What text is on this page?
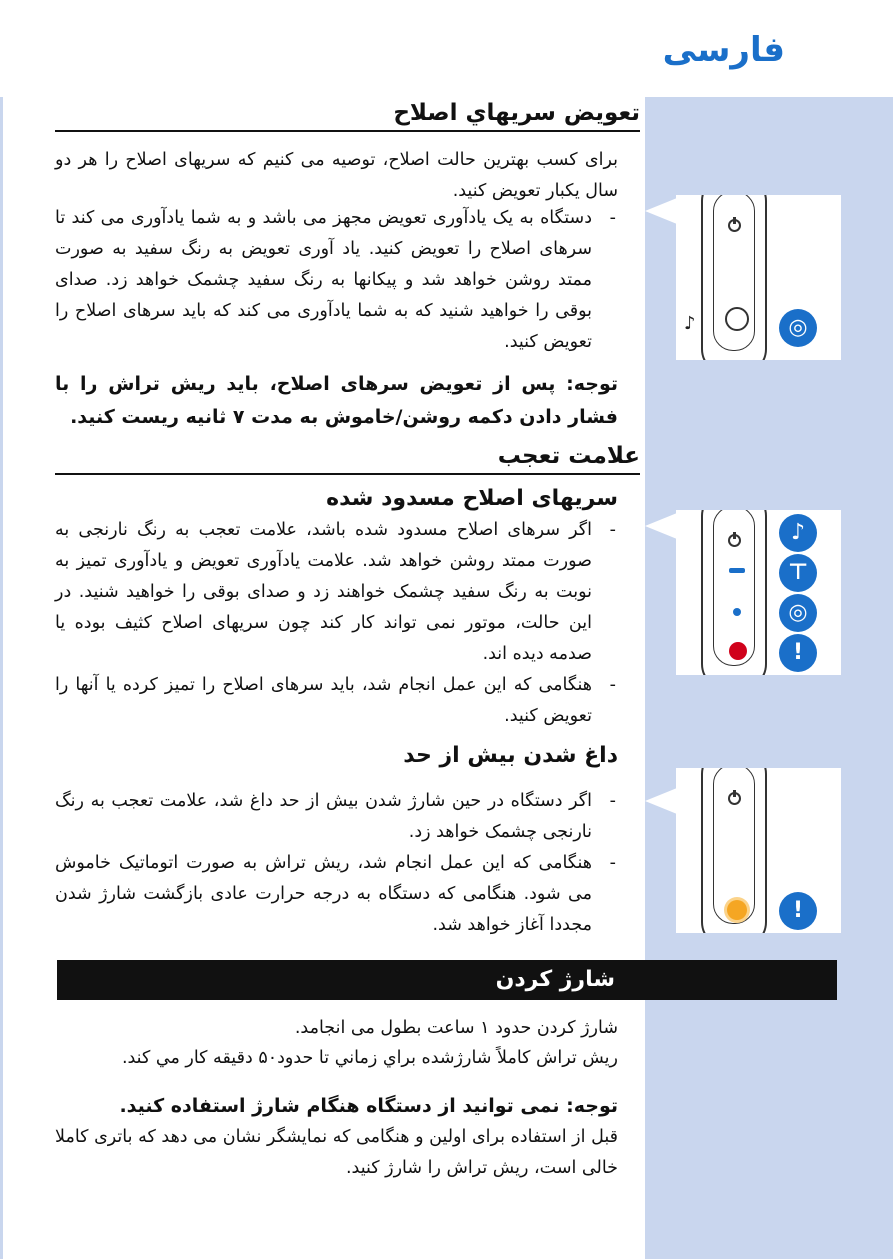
فارسی
تعويض سريهاي اصلاح

برای کسب بهترین حالت اصلاح، توصیه می کنیم که سریهای اصلاح را هر دو سال یکبار تعویض کنید.

- دستگاه به یک یادآوری تعویض مجهز می باشد و به شما یادآوری می کند تا سرهای اصلاح را تعویض کنید. یاد آوری تعویض به رنگ سفید به صورت ممتد روشن خواهد شد و پیکانها به رنگ سفید چشمک خواهد زد. صدای بوقی را خواهید شنید که به شما یادآوری می کند که باید سرهای اصلاح را تعویض کنید.

توجه: پس از تعویض سرهای اصلاح، باید ریش تراش را با فشار دادن دکمه روشن/خاموش به مدت ۷ ثانیه ریست کنید.

علامت تعجب
سریهای اصلاح مسدود شده
- اگر سرهای اصلاح مسدود شده باشد، علامت تعجب به رنگ نارنجی به صورت ممتد روشن خواهد شد. علامت یادآوری تعویض و یادآوری تمیز به نوبت به رنگ سفید چشمک خواهند زد و صدای بوقی را خواهید شنید. در این حالت، موتور نمی تواند کار کند چون سریهای اصلاح کثیف بوده یا صدمه دیده اند.
- هنگامی که این عمل انجام شد، باید سرهای اصلاح را تمیز کرده یا آنها را تعویض کنید.
داغ شدن بیش از حد
- اگر دستگاه در حین شارژ شدن بیش از حد داغ شد، علامت تعجب به رنگ نارنجی چشمک خواهد زد.
- هنگامی که این عمل انجام شد، ریش تراش به صورت اتوماتیک خاموش می شود. هنگامی که دستگاه به درجه حرارت عادی بازگشت شارژ شدن مجددا آغاز خواهد شد.
شارژ کردن

شارژ کردن حدود ۱ ساعت بطول می انجامد.

ریش تراش کاملاً شارژشده براي زماني تا حدود۵۰ دقيقه کار مي کند.

توجه: نمی توانید از دستگاه هنگام شارژ استفاده کنید.

قبل از استفاده برای اولین و هنگامی که نمایشگر نشان می دهد که باتری کاملا خالی است، ریش تراش را شارژ کنید.

♪	◎
♪
⊤
◎
!
!
